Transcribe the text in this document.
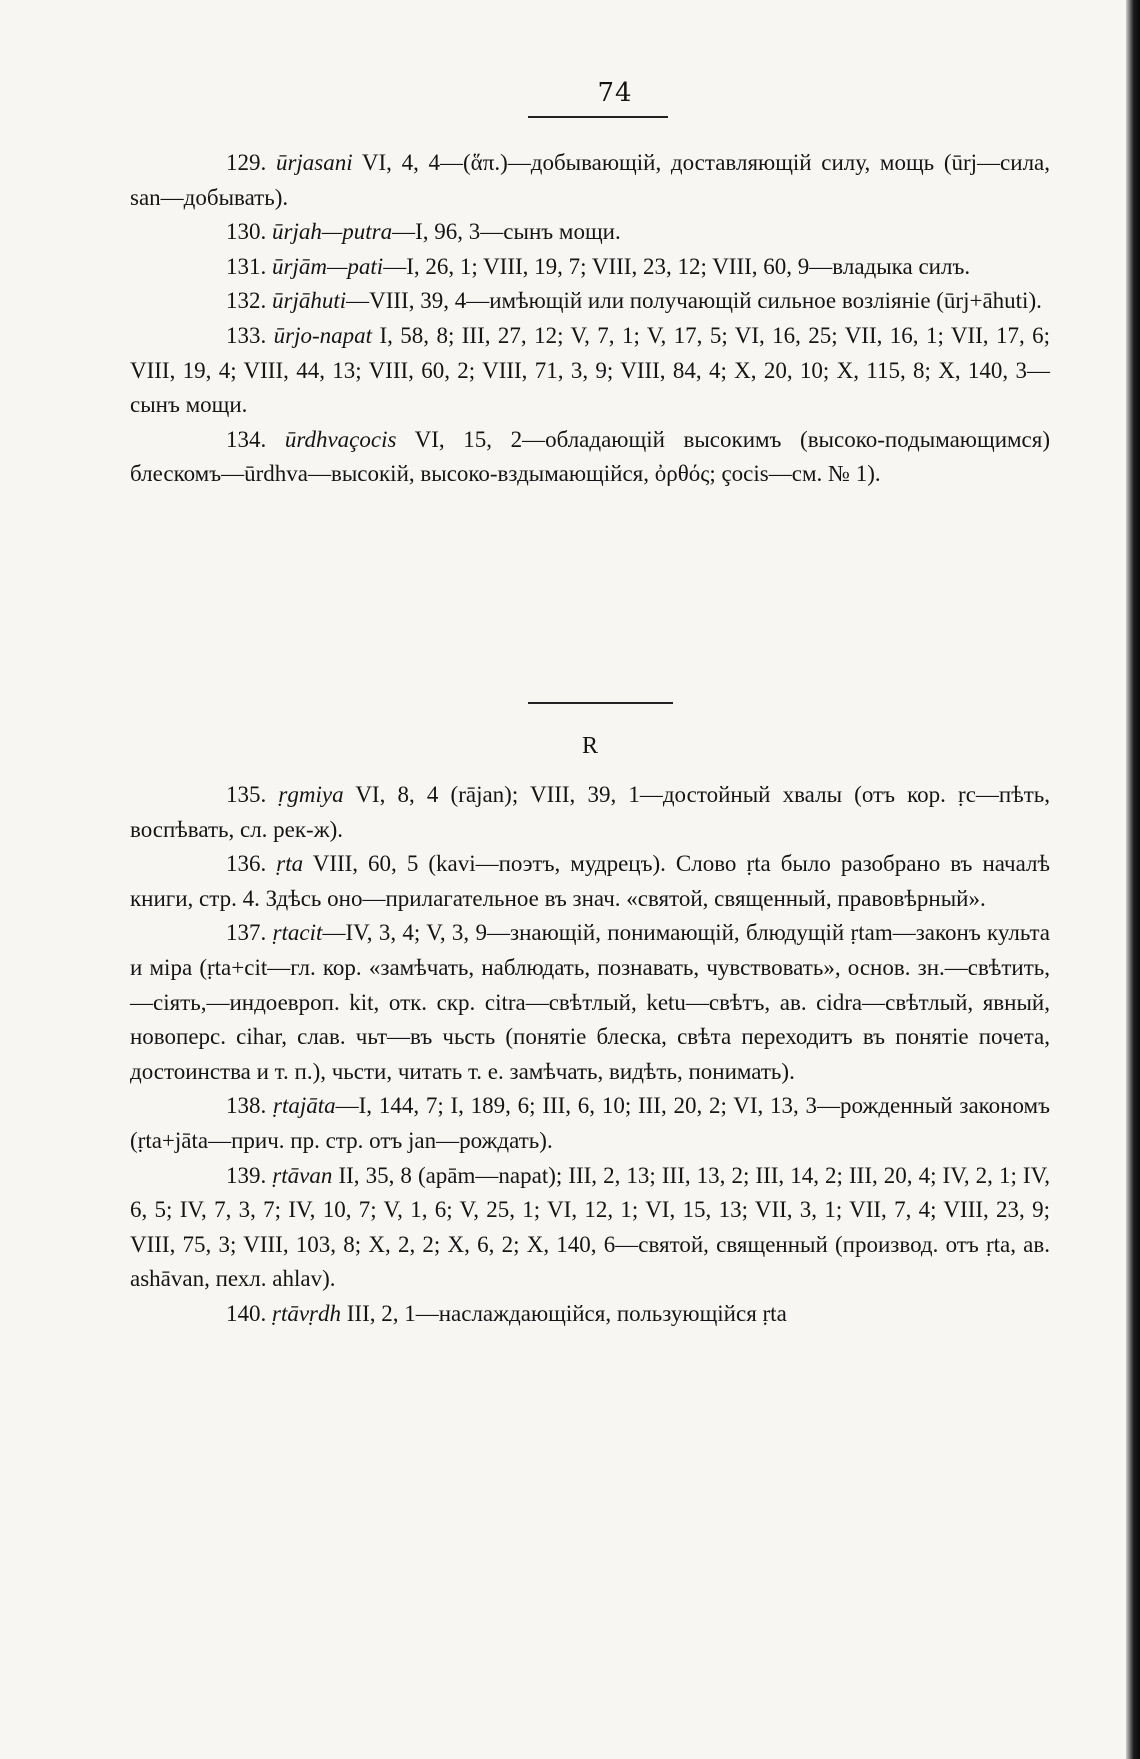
74

129. ūrjasani VI, 4, 4—(ἅπ.)—добывающій, доставляющій силу, мощь (ūrj—сила, san—добывать).

130. ūrjah—putra—I, 96, 3—сынъ мощи.

131. ūrjām—pati—I, 26, 1; VIII, 19, 7; VIII, 23, 12; VIII, 60, 9—владыка силъ.

132. ūrjāhuti—VIII, 39, 4—имѣющій или получающій сильное возліяніе (ūrj+āhuti).

133. ūrjo-napat I, 58, 8; III, 27, 12; V, 7, 1; V, 17, 5; VI, 16, 25; VII, 16, 1; VII, 17, 6; VIII, 19, 4; VIII, 44, 13; VIII, 60, 2; VIII, 71, 3, 9; VIII, 84, 4; X, 20, 10; X, 115, 8; X, 140, 3—сынъ мощи.

134. ūrdhvaçocis VI, 15, 2—обладающій высокимъ (высоко-подымающимся) блескомъ—ūrdhva—высокій, высоко-вздымающійся, ὀρθός; çocis—см. № 1).

R

135. ṛgmiya VI, 8, 4 (rājan); VIII, 39, 1—достойный хвалы (отъ кор. ṛc—пѣть, воспѣвать, сл. рек-ж).

136. ṛta VIII, 60, 5 (kavi—поэтъ, мудрецъ). Слово ṛta было разобрано въ началѣ книги, стр. 4. Здѣсь оно—прилагательное въ знач. «святой, священный, правовѣрный».

137. ṛtacit—IV, 3, 4; V, 3, 9—знающій, понимающій, блюдущій ṛtam—законъ культа и міра (ṛta+cit—гл. кор. «замѣчать, наблюдать, познавать, чувствовать», основ. зн.—свѣтить,—сіять,—индоевроп. kit, отк. скр. citra—свѣтлый, ketu—свѣтъ, ав. cidra—свѣтлый, явный, новоперс. cihar, слав. чьт—въ чьсть (понятіе блеска, свѣта переходитъ въ понятіе почета, достоинства и т. п.), чьсти, читать т. е. замѣчать, видѣть, понимать).

138. ṛtajāta—I, 144, 7; I, 189, 6; III, 6, 10; III, 20, 2; VI, 13, 3—рожденный закономъ (ṛta+jāta—прич. пр. стр. отъ jan—рождать).

139. ṛtāvan II, 35, 8 (apām—napat); III, 2, 13; III, 13, 2; III, 14, 2; III, 20, 4; IV, 2, 1; IV, 6, 5; IV, 7, 3, 7; IV, 10, 7; V, 1, 6; V, 25, 1; VI, 12, 1; VI, 15, 13; VII, 3, 1; VII, 7, 4; VIII, 23, 9; VIII, 75, 3; VIII, 103, 8; X, 2, 2; X, 6, 2; X, 140, 6—святой, священный (производ. отъ ṛta, ав. ashāvan, пехл. ahlav).

140. ṛtāvṛdh III, 2, 1—наслаждающійся, пользующійся ṛta
